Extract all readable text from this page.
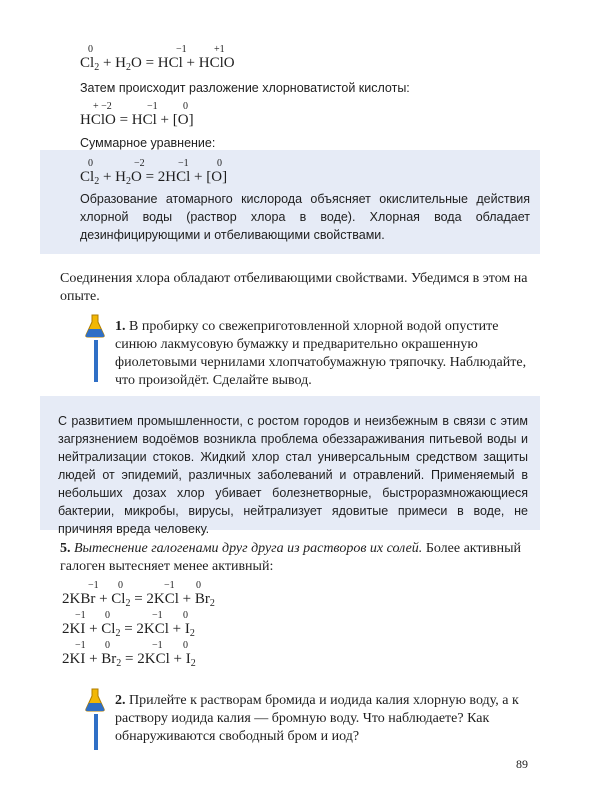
0	−1	+1
$Cl_2 + H_2O$ = HCl + HClO
Затем происходит разложение хлорноватистой кислоты:
+ −2	−1	0
HClO = HCl + [O]
Суммарное уравнение:
0	−2	−1	0
$Cl_2 + H_2O = 2HCl + [O]$
Образование атомарного кислорода объясняет окислительные действия хлорной воды (раствор хлора в воде). Хлорная вода обладает дезинфицирующими и отбеливающими свойствами.
Соединения хлора обладают отбеливающими свойствами. Убедимся в этом на опыте.
1. В пробирку со свежеприготовленной хлорной водой опустите синюю лакмусовую бумажку и предварительно окрашенную фиолетовыми чернилами хлопчатобумажную тряпочку. Наблюдайте, что произойдёт. Сделайте вывод.
С развитием промышленности, с ростом городов и неизбежным в связи с этим загрязнением водоёмов возникла проблема обеззараживания питьевой воды и нейтрализации стоков. Жидкий хлор стал универсальным средством защиты людей от эпидемий, различных заболеваний и отравлений. Применяемый в небольших дозах хлор убивает болезнетворные, быстроразмножающиеся бактерии, микробы, вирусы, нейтрализует ядовитые примеси в воде, не причиняя вреда человеку.
5. Вытеснение галогенами друг друга из растворов их солей. Более активный галоген вытесняет менее активный:
−1 0	−1 0
$2KBr + Cl_2 = 2KCl + Br_2$
−1 0	−1 0
$2KI + Cl_2 = 2KCl + I_2$
−1 0	−1 0
$2KI + Br_2 = 2KCl + I_2$
2. Прилейте к растворам бромида и иодида калия хлорную воду, а к раствору иодида калия — бромную воду. Что наблюдаете? Как обнаруживаются свободный бром и иод?
89
